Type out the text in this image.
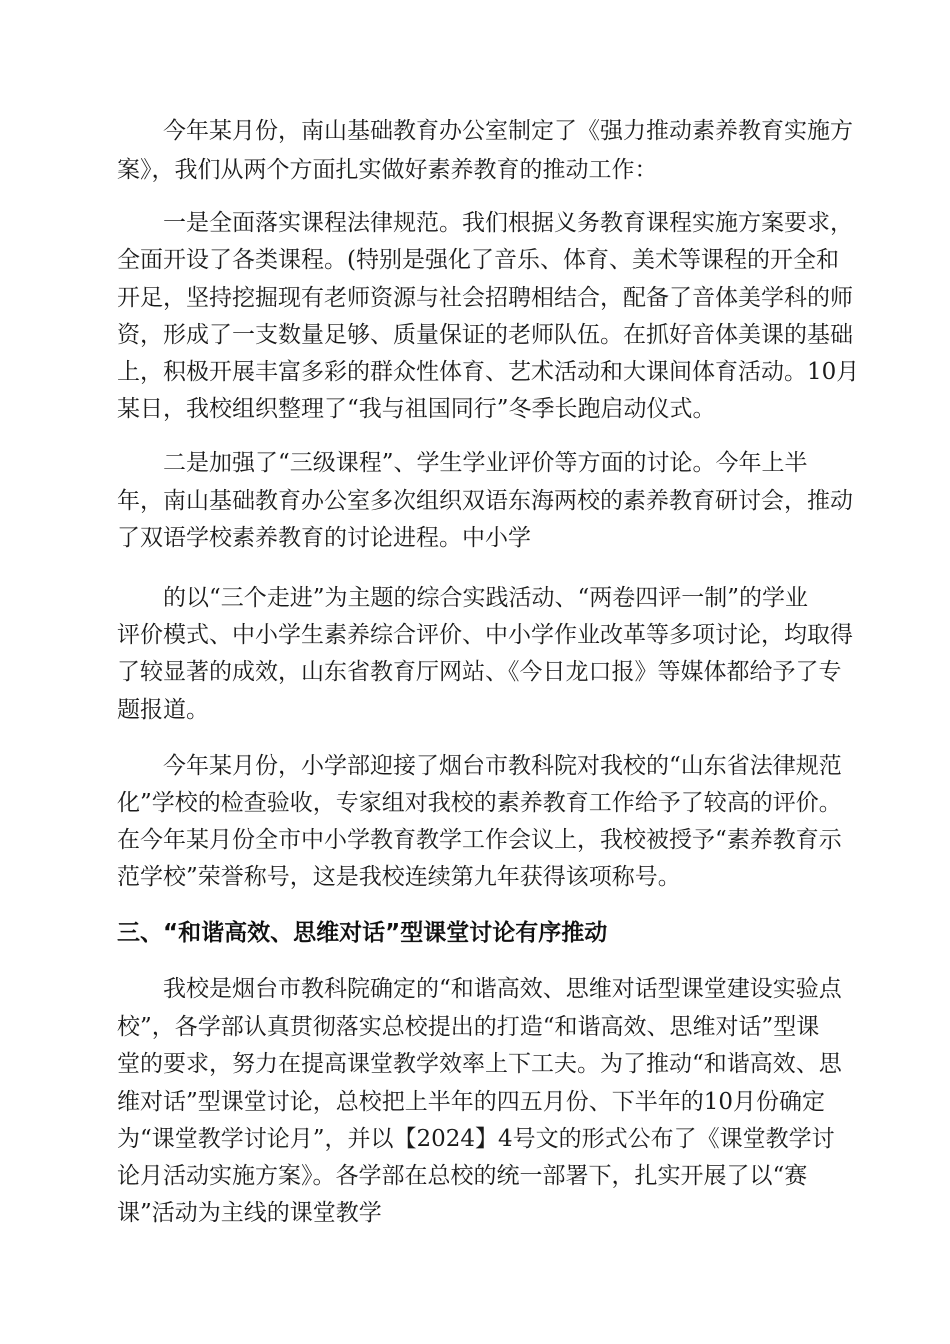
今年某月份，南山基础教育办公室制定了《强力推动素养教育实施方
案》，我们从两个方面扎实做好素养教育的推动工作：
一是全面落实课程法律规范。我们根据义务教育课程实施方案要求，
全面开设了各类课程。(特别是强化了音乐、体育、美术等课程的开全和
开足，坚持挖掘现有老师资源与社会招聘相结合，配备了音体美学科的师
资，形成了一支数量足够、质量保证的老师队伍。在抓好音体美课的基础
上，积极开展丰富多彩的群众性体育、艺术活动和大课间体育活动。10月
某日，我校组织整理了“我与祖国同行”冬季长跑启动仪式。
二是加强了“三级课程”、学生学业评价等方面的讨论。今年上半
年，南山基础教育办公室多次组织双语东海两校的素养教育研讨会，推动
了双语学校素养教育的讨论进程。中小学
的以“三个走进”为主题的综合实践活动、“两卷四评一制”的学业
评价模式、中小学生素养综合评价、中小学作业改革等多项讨论，均取得
了较显著的成效，山东省教育厅网站、《今日龙口报》等媒体都给予了专
题报道。
今年某月份，小学部迎接了烟台市教科院对我校的“山东省法律规范
化”学校的检查验收，专家组对我校的素养教育工作给予了较高的评价。
在今年某月份全市中小学教育教学工作会议上，我校被授予“素养教育示
范学校”荣誉称号，这是我校连续第九年获得该项称号。
三、“和谐高效、思维对话”型课堂讨论有序推动
我校是烟台市教科院确定的“和谐高效、思维对话型课堂建设实验点
校”，各学部认真贯彻落实总校提出的打造“和谐高效、思维对话”型课
堂的要求，努力在提高课堂教学效率上下工夫。为了推动“和谐高效、思
维对话”型课堂讨论，总校把上半年的四五月份、下半年的10月份确定
为“课堂教学讨论月”，并以【2024】4号文的形式公布了《课堂教学讨
论月活动实施方案》。各学部在总校的统一部署下，扎实开展了以“赛
课”活动为主线的课堂教学
